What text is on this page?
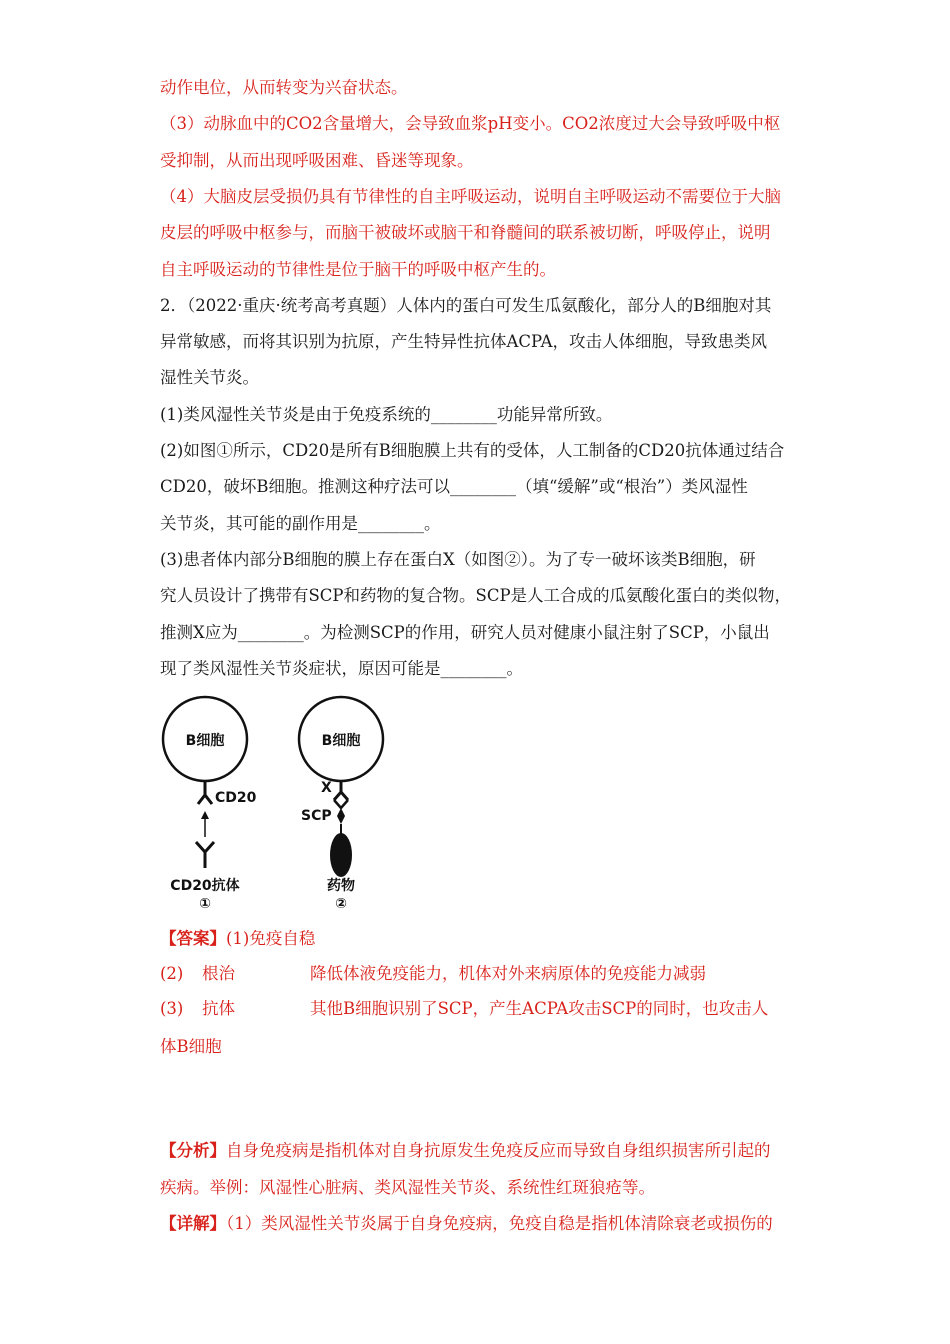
动作电位，从而转变为兴奋状态。
（3）动脉血中的CO2含量增大，会导致血浆pH变小。CO2浓度过大会导致呼吸中枢
受抑制，从而出现呼吸困难、昏迷等现象。
（4）大脑皮层受损仍具有节律性的自主呼吸运动，说明自主呼吸运动不需要位于大脑
皮层的呼吸中枢参与，而脑干被破坏或脑干和脊髓间的联系被切断，呼吸停止，说明
自主呼吸运动的节律性是位于脑干的呼吸中枢产生的。
2．（2022·重庆·统考高考真题）人体内的蛋白可发生瓜氨酸化，部分人的B细胞对其
异常敏感，而将其识别为抗原，产生特异性抗体ACPA，攻击人体细胞，导致患类风
湿性关节炎。
(1)类风湿性关节炎是由于免疫系统的________功能异常所致。
(2)如图①所示，CD20是所有B细胞膜上共有的受体，人工制备的CD20抗体通过结合
CD20，破坏B细胞。推测这种疗法可以________（填“缓解”或“根治”）类风湿性
关节炎，其可能的副作用是________。
(3)患者体内部分B细胞的膜上存在蛋白X（如图②）。为了专一破坏该类B细胞，研
究人员设计了携带有SCP和药物的复合物。SCP是人工合成的瓜氨酸化蛋白的类似物，
推测X应为________。为检测SCP的作用，研究人员对健康小鼠注射了SCP，小鼠出
现了类风湿性关节炎症状，原因可能是________。
B细胞
CD20
CD20抗体
①
B细胞
X
SCP
药物
②
【答案】(1)免疫自稳
(2) 根治	降低体液免疫能力，机体对外来病原体的免疫能力减弱
(3) 抗体	其他B细胞识别了SCP，产生ACPA攻击SCP的同时，也攻击人
体B细胞
【分析】自身免疫病是指机体对自身抗原发生免疫反应而导致自身组织损害所引起的
疾病。举例：风湿性心脏病、类风湿性关节炎、系统性红斑狼疮等。
【详解】（1）类风湿性关节炎属于自身免疫病，免疫自稳是指机体清除衰老或损伤的
